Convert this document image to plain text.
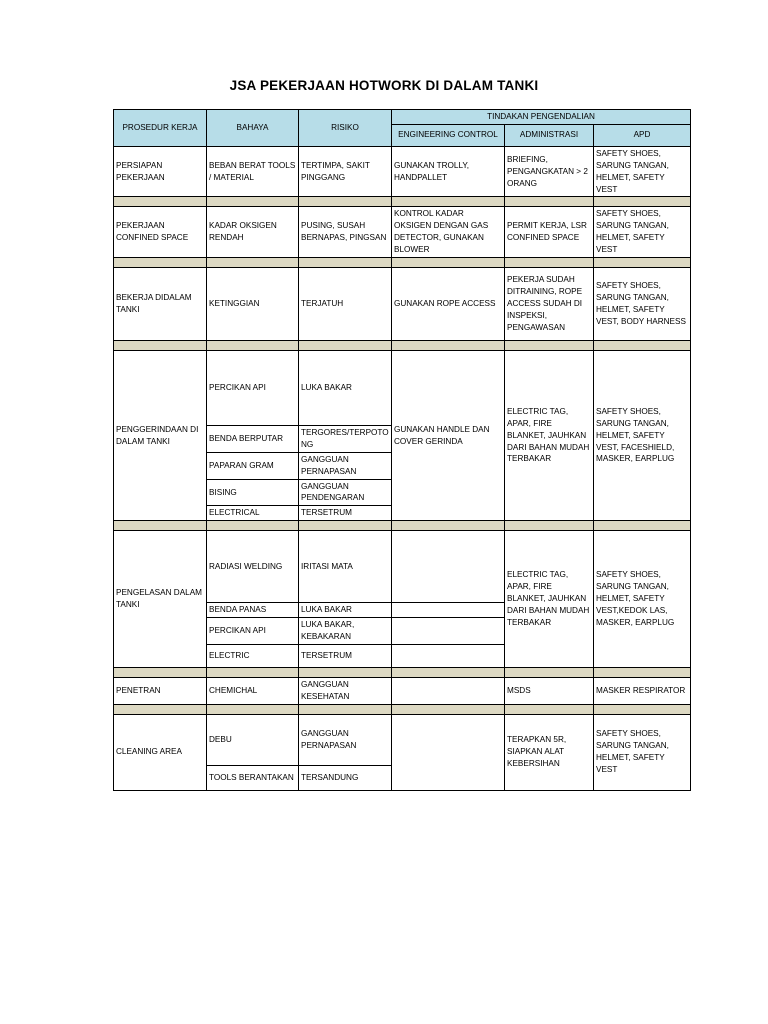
JSA PEKERJAAN HOTWORK DI DALAM TANKI
PROSEDUR KERJA	BAHAYA	RISIKO	TINDAKAN PENGENDALIAN		
			ENGINEERING CONTROL	ADMINISTRASI	APD
PERSIAPAN PEKERJAAN	BEBAN BERAT TOOLS / MATERIAL	TERTIMPA, SAKIT PINGGANG	GUNAKAN TROLLY, HANDPALLET	BRIEFING, PENGANGKATAN > 2 ORANG	SAFETY SHOES, SARUNG TANGAN, HELMET, SAFETY VEST

PEKERJAAN CONFINED SPACE	KADAR OKSIGEN RENDAH	PUSING, SUSAH BERNAPAS, PINGSAN	KONTROL KADAR OKSIGEN DENGAN GAS DETECTOR, GUNAKAN BLOWER	PERMIT KERJA, LSR CONFINED SPACE	SAFETY SHOES, SARUNG TANGAN, HELMET, SAFETY VEST

BEKERJA DIDALAM TANKI	KETINGGIAN	TERJATUH	GUNAKAN ROPE ACCESS	PEKERJA SUDAH DITRAINING, ROPE ACCESS SUDAH DI INSPEKSI, PENGAWASAN	SAFETY SHOES, SARUNG TANGAN, HELMET, SAFETY VEST, BODY HARNESS

PENGGERINDAAN DI DALAM TANKI	PERCIKAN API	LUKA BAKAR	GUNAKAN HANDLE DAN COVER GERINDA	ELECTRIC TAG, APAR, FIRE BLANKET, JAUHKAN DARI BAHAN MUDAH TERBAKAR	SAFETY SHOES, SARUNG TANGAN, HELMET, SAFETY VEST, FACESHIELD, MASKER, EARPLUG
	BENDA BERPUTAR	TERGORES/TERPOTONG			
	PAPARAN GRAM	GANGGUAN PERNAPASAN			
	BISING	GANGGUAN PENDENGARAN			
	ELECTRICAL	TERSETRUM			

PENGELASAN DALAM TANKI	RADIASI WELDING	IRITASI MATA		ELECTRIC TAG, APAR, FIRE BLANKET, JAUHKAN DARI BAHAN MUDAH TERBAKAR	SAFETY SHOES, SARUNG TANGAN, HELMET, SAFETY VEST,KEDOK LAS, MASKER, EARPLUG
	BENDA PANAS	LUKA BAKAR			
	PERCIKAN API	LUKA BAKAR, KEBAKARAN			
	ELECTRIC	TERSETRUM			

PENETRAN	CHEMICHAL	GANGGUAN KESEHATAN		MSDS	MASKER RESPIRATOR

CLEANING AREA	DEBU	GANGGUAN PERNAPASAN		TERAPKAN 5R, SIAPKAN ALAT KEBERSIHAN	SAFETY SHOES, SARUNG TANGAN, HELMET, SAFETY VEST
	TOOLS BERANTAKAN	TERSANDUNG			
